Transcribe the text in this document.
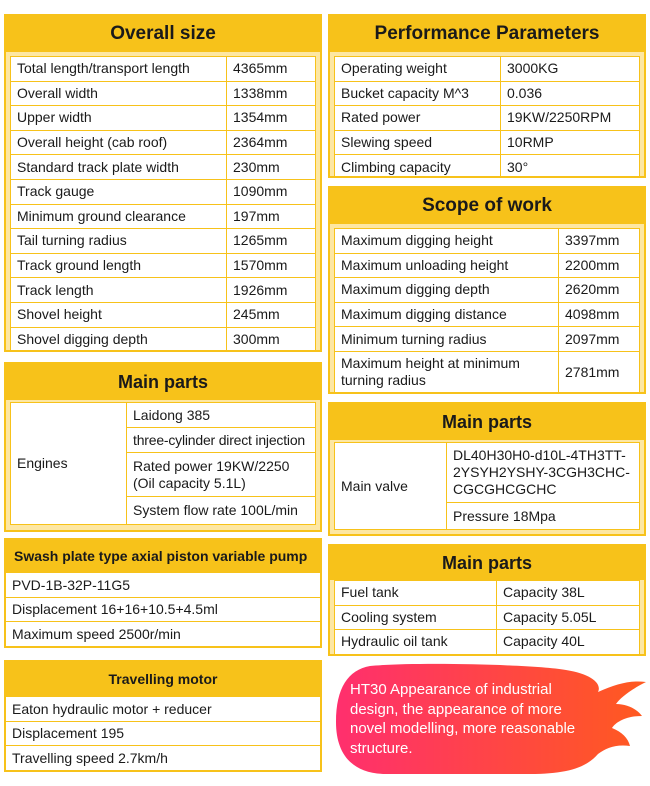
Overall size
Total length/transport length	4365mm
Overall width	1338mm
Upper width	1354mm
Overall height (cab roof)	2364mm
Standard track plate width	230mm
Track gauge	1090mm
Minimum ground clearance	197mm
Tail turning radius	1265mm
Track ground length	1570mm
Track length	1926mm
Shovel height	245mm
Shovel digging depth	300mm
Performance Parameters
Operating weight	3000KG
Bucket capacity M^3	0.036
Rated power	19KW/2250RPM
Slewing speed	10RMP
Climbing capacity	30°
Scope of work
Maximum digging height	3397mm
Maximum unloading height	2200mm
Maximum digging depth	2620mm
Maximum digging distance	4098mm
Minimum turning radius	2097mm
Maximum height at minimum turning radius	2781mm
Main parts
Engines	Laidong 385
three-cylinder direct injection
Rated power 19KW/2250 (Oil capacity 5.1L)
System flow rate 100L/min
Main parts
Main valve	DL40H30H0-d10L-4TH3TT-2YSYH2YSHY-3CGH3CHC-CGCGHCGCHC
Pressure 18Mpa
Swash plate type axial piston variable pump
PVD-1B-32P-11G5
Displacement 16+16+10.5+4.5ml
Maximum speed 2500r/min
Main parts
Fuel tank	Capacity 38L
Cooling system	Capacity 5.05L
Hydraulic oil tank	Capacity 40L
Travelling motor
Eaton hydraulic motor + reducer
Displacement 195
Travelling speed 2.7km/h
HT30 Appearance of industrial design, the appearance of more novel modelling, more reasonable structure.
